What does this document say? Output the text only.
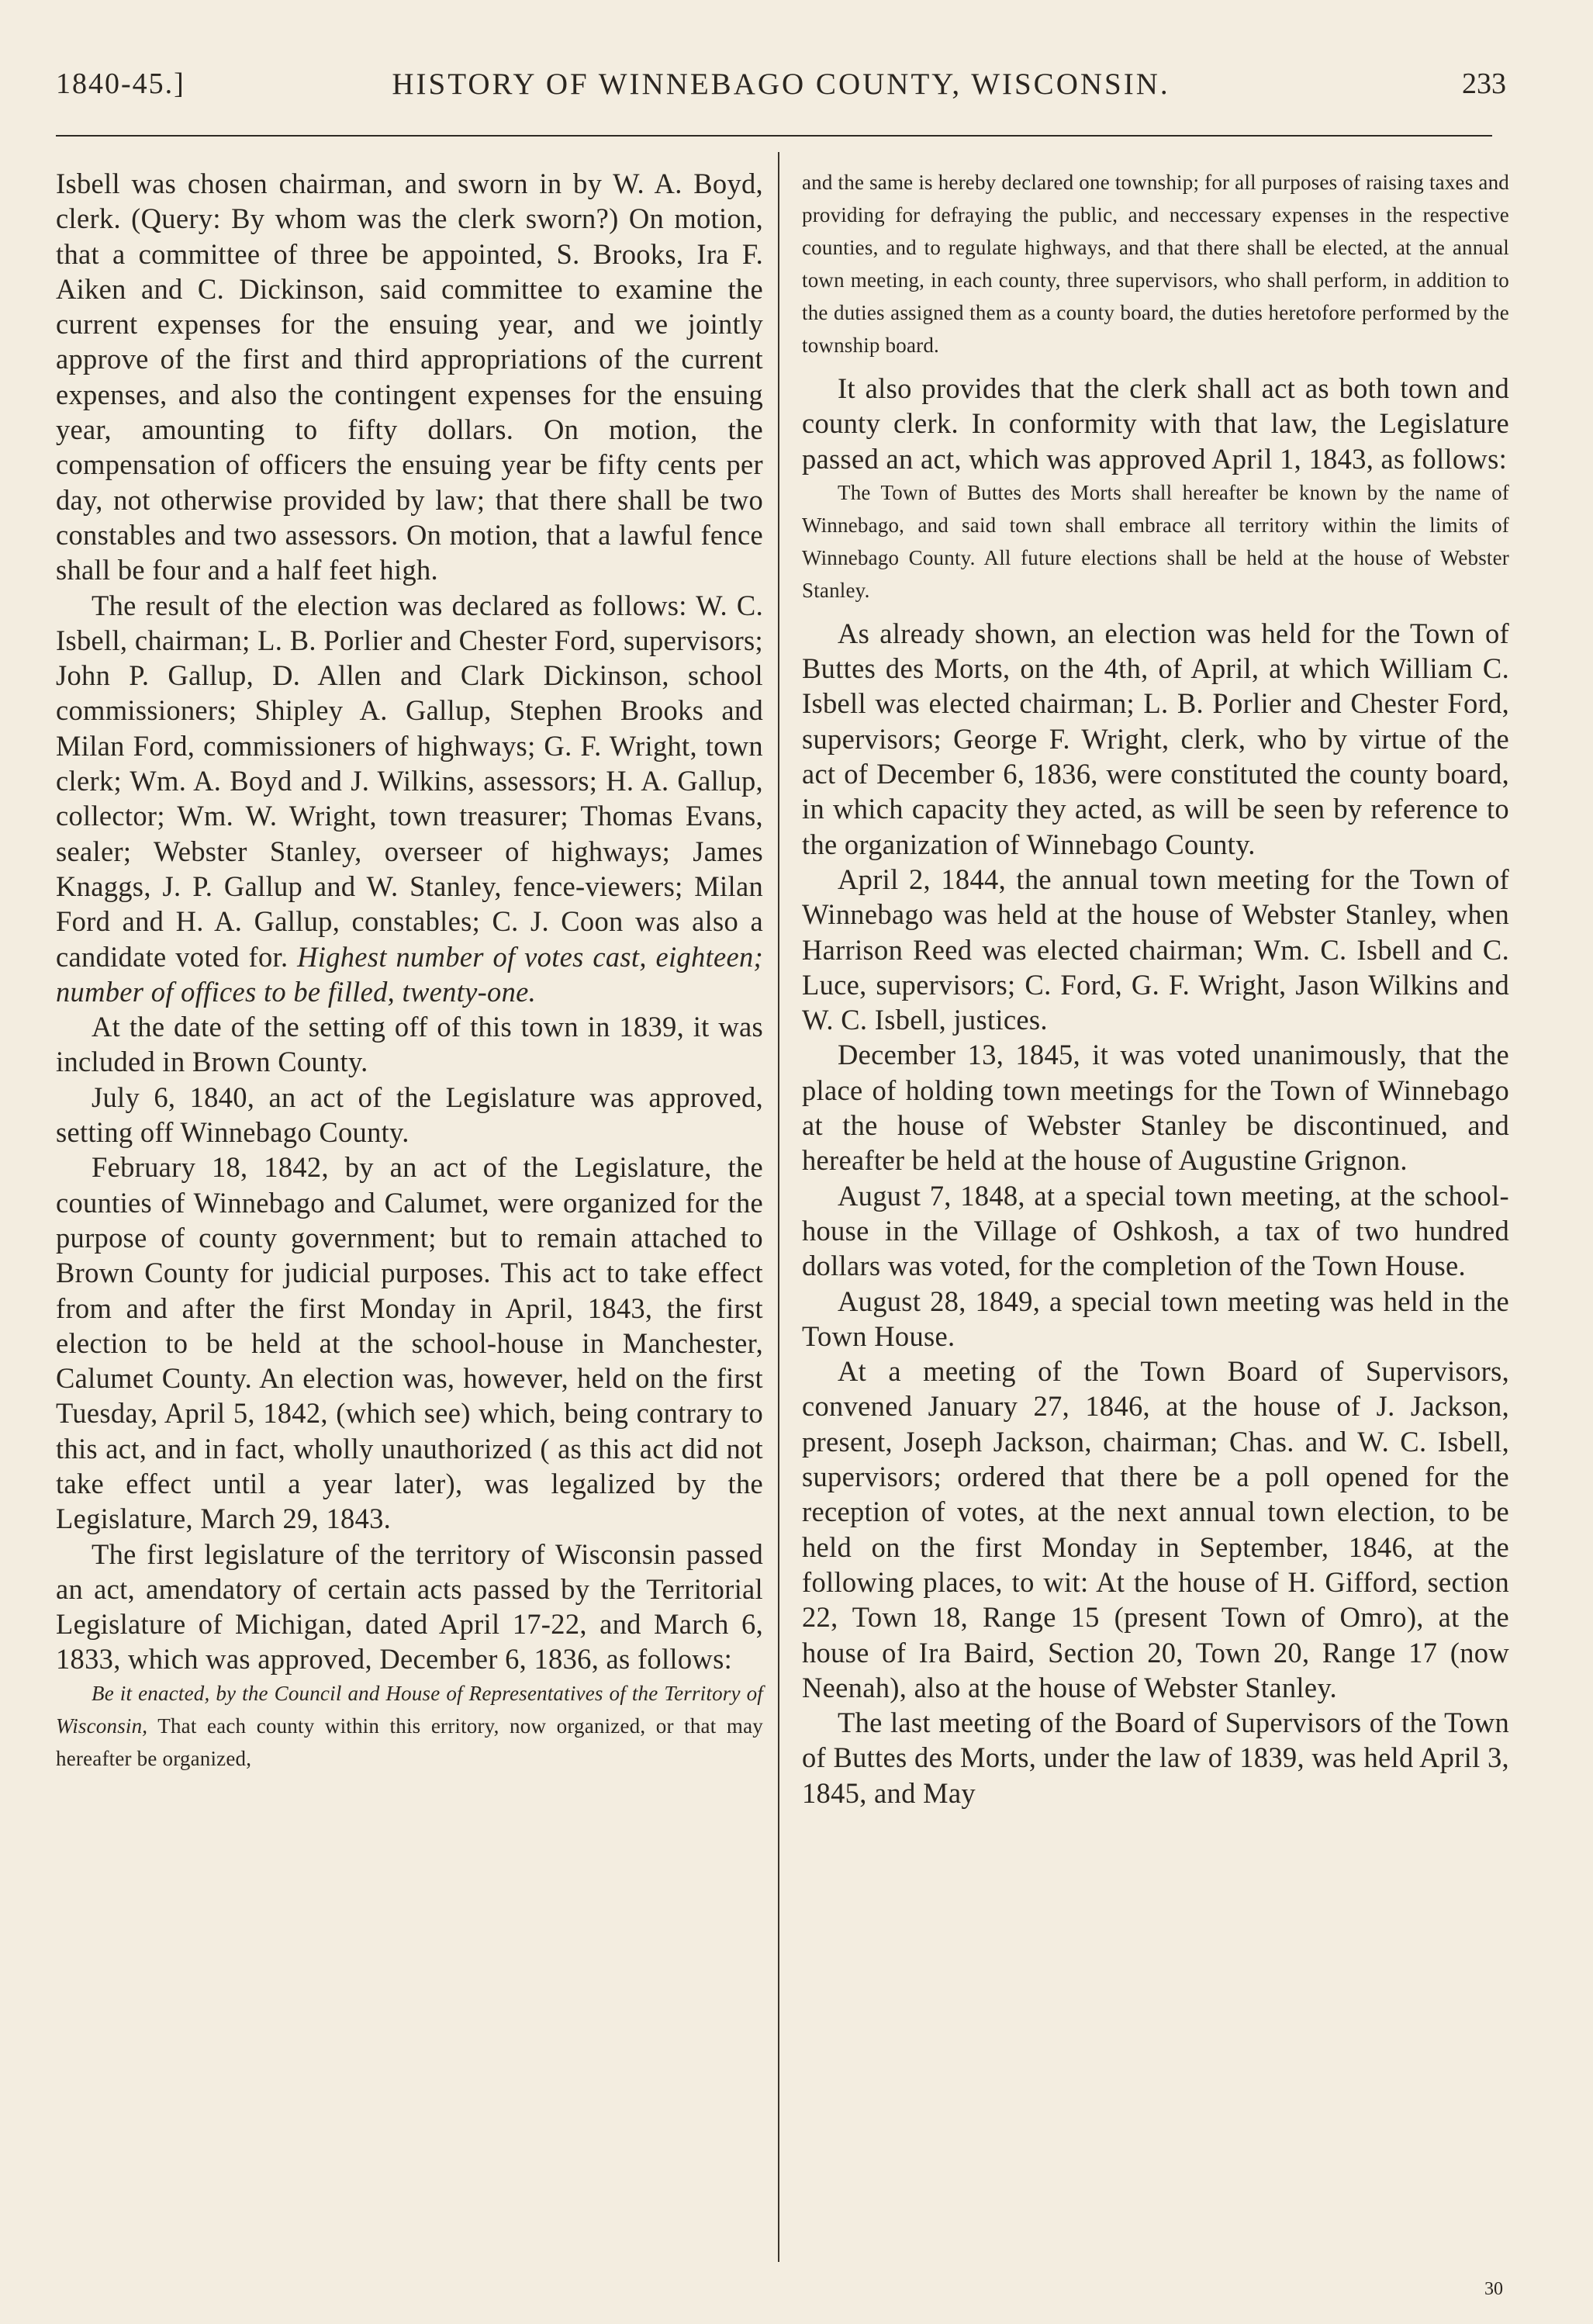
1840-45.]	HISTORY OF WINNEBAGO COUNTY, WISCONSIN.	233

Isbell was chosen chairman, and sworn in by W. A. Boyd, clerk. (Query: By whom was the clerk sworn?) On motion, that a committee of three be appointed, S. Brooks, Ira F. Aiken and C. Dickinson, said committee to examine the current expenses for the ensuing year, and we jointly approve of the first and third appropriations of the current expenses, and also the contingent expenses for the ensuing year, amounting to fifty dollars. On motion, the compensation of officers the ensuing year be fifty cents per day, not otherwise provided by law; that there shall be two constables and two assessors. On motion, that a lawful fence shall be four and a half feet high.

The result of the election was declared as follows: W. C. Isbell, chairman; L. B. Porlier and Chester Ford, supervisors; John P. Gallup, D. Allen and Clark Dickinson, school commissioners; Shipley A. Gallup, Stephen Brooks and Milan Ford, commissioners of highways; G. F. Wright, town clerk; Wm. A. Boyd and J. Wilkins, assessors; H. A. Gallup, collector; Wm. W. Wright, town treasurer; Thomas Evans, sealer; Webster Stanley, overseer of highways; James Knaggs, J. P. Gallup and W. Stanley, fence-viewers; Milan Ford and H. A. Gallup, constables; C. J. Coon was also a candidate voted for. Highest number of votes cast, eighteen; number of offices to be filled, twenty-one.

At the date of the setting off of this town in 1839, it was included in Brown County.

July 6, 1840, an act of the Legislature was approved, setting off Winnebago County.

February 18, 1842, by an act of the Legislature, the counties of Winnebago and Calumet, were organized for the purpose of county government; but to remain attached to Brown County for judicial purposes. This act to take effect from and after the first Monday in April, 1843, the first election to be held at the school-house in Manchester, Calumet County. An election was, however, held on the first Tuesday, April 5, 1842, (which see) which, being contrary to this act, and in fact, wholly unauthorized ( as this act did not take effect until a year later), was legalized by the Legislature, March 29, 1843.

The first legislature of the territory of Wisconsin passed an act, amendatory of certain acts passed by the Territorial Legislature of Michigan, dated April 17-22, and March 6, 1833, which was approved, December 6, 1836, as follows:

Be it enacted, by the Council and House of Representatives of the Territory of Wisconsin, That each county within this erritory, now organized, or that may hereafter be organized,

and the same is hereby declared one township; for all purposes of raising taxes and providing for defraying the public, and neccessary expenses in the respective counties, and to regulate highways, and that there shall be elected, at the annual town meeting, in each county, three supervisors, who shall perform, in addition to the duties assigned them as a county board, the duties heretofore performed by the township board.

It also provides that the clerk shall act as both town and county clerk. In conformity with that law, the Legislature passed an act, which was approved April 1, 1843, as follows:

The Town of Buttes des Morts shall hereafter be known by the name of Winnebago, and said town shall embrace all territory within the limits of Winnebago County. All future elections shall be held at the house of Webster Stanley.

As already shown, an election was held for the Town of Buttes des Morts, on the 4th, of April, at which William C. Isbell was elected chairman; L. B. Porlier and Chester Ford, supervisors; George F. Wright, clerk, who by virtue of the act of December 6, 1836, were constituted the county board, in which capacity they acted, as will be seen by reference to the organization of Winnebago County.

April 2, 1844, the annual town meeting for the Town of Winnebago was held at the house of Webster Stanley, when Harrison Reed was elected chairman; Wm. C. Isbell and C. Luce, supervisors; C. Ford, G. F. Wright, Jason Wilkins and W. C. Isbell, justices.

December 13, 1845, it was voted unanimously, that the place of holding town meetings for the Town of Winnebago at the house of Webster Stanley be discontinued, and hereafter be held at the house of Augustine Grignon.

August 7, 1848, at a special town meeting, at the school-house in the Village of Oshkosh, a tax of two hundred dollars was voted, for the completion of the Town House.

August 28, 1849, a special town meeting was held in the Town House.

At a meeting of the Town Board of Supervisors, convened January 27, 1846, at the house of J. Jackson, present, Joseph Jackson, chairman; Chas. and W. C. Isbell, supervisors; ordered that there be a poll opened for the reception of votes, at the next annual town election, to be held on the first Monday in September, 1846, at the following places, to wit: At the house of H. Gifford, section 22, Town 18, Range 15 (present Town of Omro), at the house of Ira Baird, Section 20, Town 20, Range 17 (now Neenah), also at the house of Webster Stanley.

The last meeting of the Board of Supervisors of the Town of Buttes des Morts, under the law of 1839, was held April 3, 1845, and May

30
